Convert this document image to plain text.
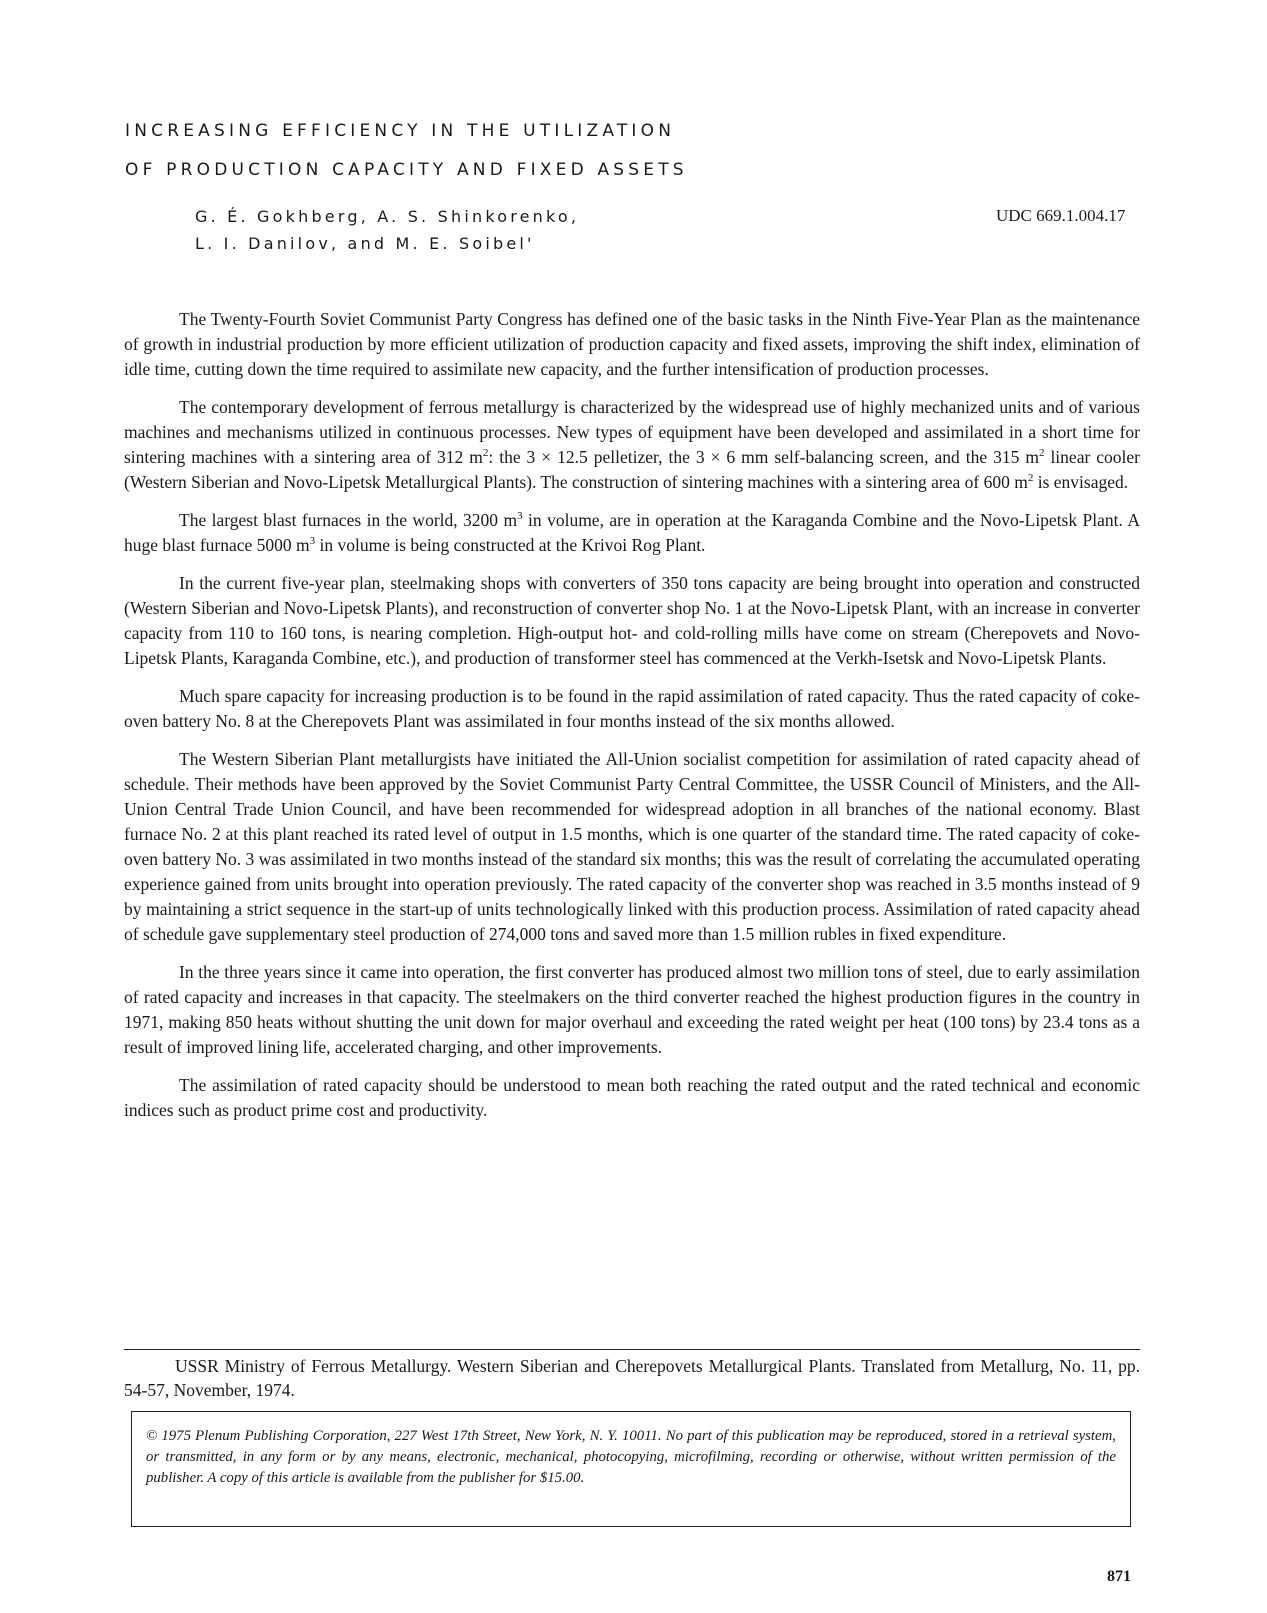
INCREASING EFFICIENCY IN THE UTILIZATION
OF PRODUCTION CAPACITY AND FIXED ASSETS
G. É. Gokhberg, A. S. Shinkorenko,
L. I. Danilov, and M. E. Soibel'
UDC 669.1.004.17

The Twenty-Fourth Soviet Communist Party Congress has defined one of the basic tasks in the Ninth Five-Year Plan as the maintenance of growth in industrial production by more efficient utilization of production capacity and fixed assets, improving the shift index, elimination of idle time, cutting down the time required to assimilate new capacity, and the further intensification of production processes.

The contemporary development of ferrous metallurgy is characterized by the widespread use of highly mechanized units and of various machines and mechanisms utilized in continuous processes. New types of equipment have been developed and assimilated in a short time for sintering machines with a sintering area of 312 $m^2$: the 3 × 12.5 pelletizer, the 3 × 6 mm self-balancing screen, and the 315 $m^2$ linear cooler (Western Siberian and Novo-Lipetsk Metallurgical Plants). The construction of sintering machines with a sintering area of 600 $m^2$ is envisaged.

The largest blast furnaces in the world, 3200 $m^3$ in volume, are in operation at the Karaganda Combine and the Novo-Lipetsk Plant. A huge blast furnace 5000 $m^3$ in volume is being constructed at the Krivoi Rog Plant.

In the current five-year plan, steelmaking shops with converters of 350 tons capacity are being brought into operation and constructed (Western Siberian and Novo-Lipetsk Plants), and reconstruction of converter shop No. 1 at the Novo-Lipetsk Plant, with an increase in converter capacity from 110 to 160 tons, is nearing completion. High-output hot- and cold-rolling mills have come on stream (Cherepovets and Novo-Lipetsk Plants, Karaganda Combine, etc.), and production of transformer steel has commenced at the Verkh-Isetsk and Novo-Lipetsk Plants.

Much spare capacity for increasing production is to be found in the rapid assimilation of rated capacity. Thus the rated capacity of coke-oven battery No. 8 at the Cherepovets Plant was assimilated in four months instead of the six months allowed.

The Western Siberian Plant metallurgists have initiated the All-Union socialist competition for assimilation of rated capacity ahead of schedule. Their methods have been approved by the Soviet Communist Party Central Committee, the USSR Council of Ministers, and the All-Union Central Trade Union Council, and have been recommended for widespread adoption in all branches of the national economy. Blast furnace No. 2 at this plant reached its rated level of output in 1.5 months, which is one quarter of the standard time. The rated capacity of coke-oven battery No. 3 was assimilated in two months instead of the standard six months; this was the result of correlating the accumulated operating experience gained from units brought into operation previously. The rated capacity of the converter shop was reached in 3.5 months instead of 9 by maintaining a strict sequence in the start-up of units technologically linked with this production process. Assimilation of rated capacity ahead of schedule gave supplementary steel production of 274,000 tons and saved more than 1.5 million rubles in fixed expenditure.

In the three years since it came into operation, the first converter has produced almost two million tons of steel, due to early assimilation of rated capacity and increases in that capacity. The steelmakers on the third converter reached the highest production figures in the country in 1971, making 850 heats without shutting the unit down for major overhaul and exceeding the rated weight per heat (100 tons) by 23.4 tons as a result of improved lining life, accelerated charging, and other improvements.

The assimilation of rated capacity should be understood to mean both reaching the rated output and the rated technical and economic indices such as product prime cost and productivity.

USSR Ministry of Ferrous Metallurgy. Western Siberian and Cherepovets Metallurgical Plants. Translated from Metallurg, No. 11, pp. 54-57, November, 1974.

© 1975 Plenum Publishing Corporation, 227 West 17th Street, New York, N. Y. 10011. No part of this publication may be reproduced, stored in a retrieval system, or transmitted, in any form or by any means, electronic, mechanical, photocopying, microfilming, recording or otherwise, without written permission of the publisher. A copy of this article is available from the publisher for $15.00.
871
